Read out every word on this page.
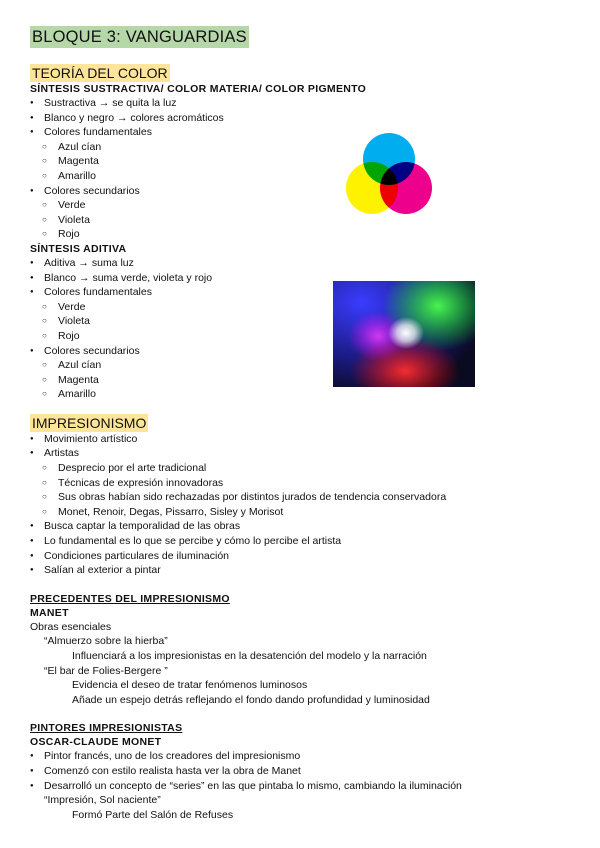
BLOQUE 3: VANGUARDIAS
TEORÍA DEL COLOR
SÍNTESIS SUSTRACTIVA/ COLOR MATERIA/ COLOR PIGMENTO
● Sustractiva → se quita la luz
● Blanco y negro → colores acromáticos
● Colores fundamentales
○ Azul cían
○ Magenta
○ Amarillo
● Colores secundarios
○ Verde
○ Violeta
○ Rojo
SÍNTESIS ADITIVA
● Aditiva → suma luz
● Blanco → suma verde, violeta y rojo
● Colores fundamentales
○ Verde
○ Violeta
○ Rojo
● Colores secundarios
○ Azul cían
○ Magenta
○ Amarillo
IMPRESIONISMO
● Movimiento artístico
● Artistas
○ Desprecio por el arte tradicional
○ Técnicas de expresión innovadoras
○ Sus obras habían sido rechazadas por distintos jurados de tendencia conservadora
○ Monet, Renoir, Degas, Pissarro, Sisley y Morisot
● Busca captar la temporalidad de las obras
● Lo fundamental es lo que se percibe y cómo lo percibe el artista
● Condiciones particulares de iluminación
● Salían al exterior a pintar
PRECEDENTES DEL IMPRESIONISMO
MANET
Obras esenciales
“Almuerzo sobre la hierba”
Influenciará a los impresionistas en la desatención del modelo y la narración
“El bar de Folies-Bergere ”
Evidencia el deseo de tratar fenómenos luminosos
Añade un espejo detrás reflejando el fondo dando profundidad y luminosidad
PINTORES IMPRESIONISTAS
OSCAR-CLAUDE MONET
● Pintor francés, uno de los creadores del impresionismo
● Comenzó con estilo realista hasta ver la obra de Manet
● Desarrolló un concepto de “series” en las que pintaba lo mismo, cambiando la iluminación
“Impresión, Sol naciente”
Formó Parte del Salón de Refuses
